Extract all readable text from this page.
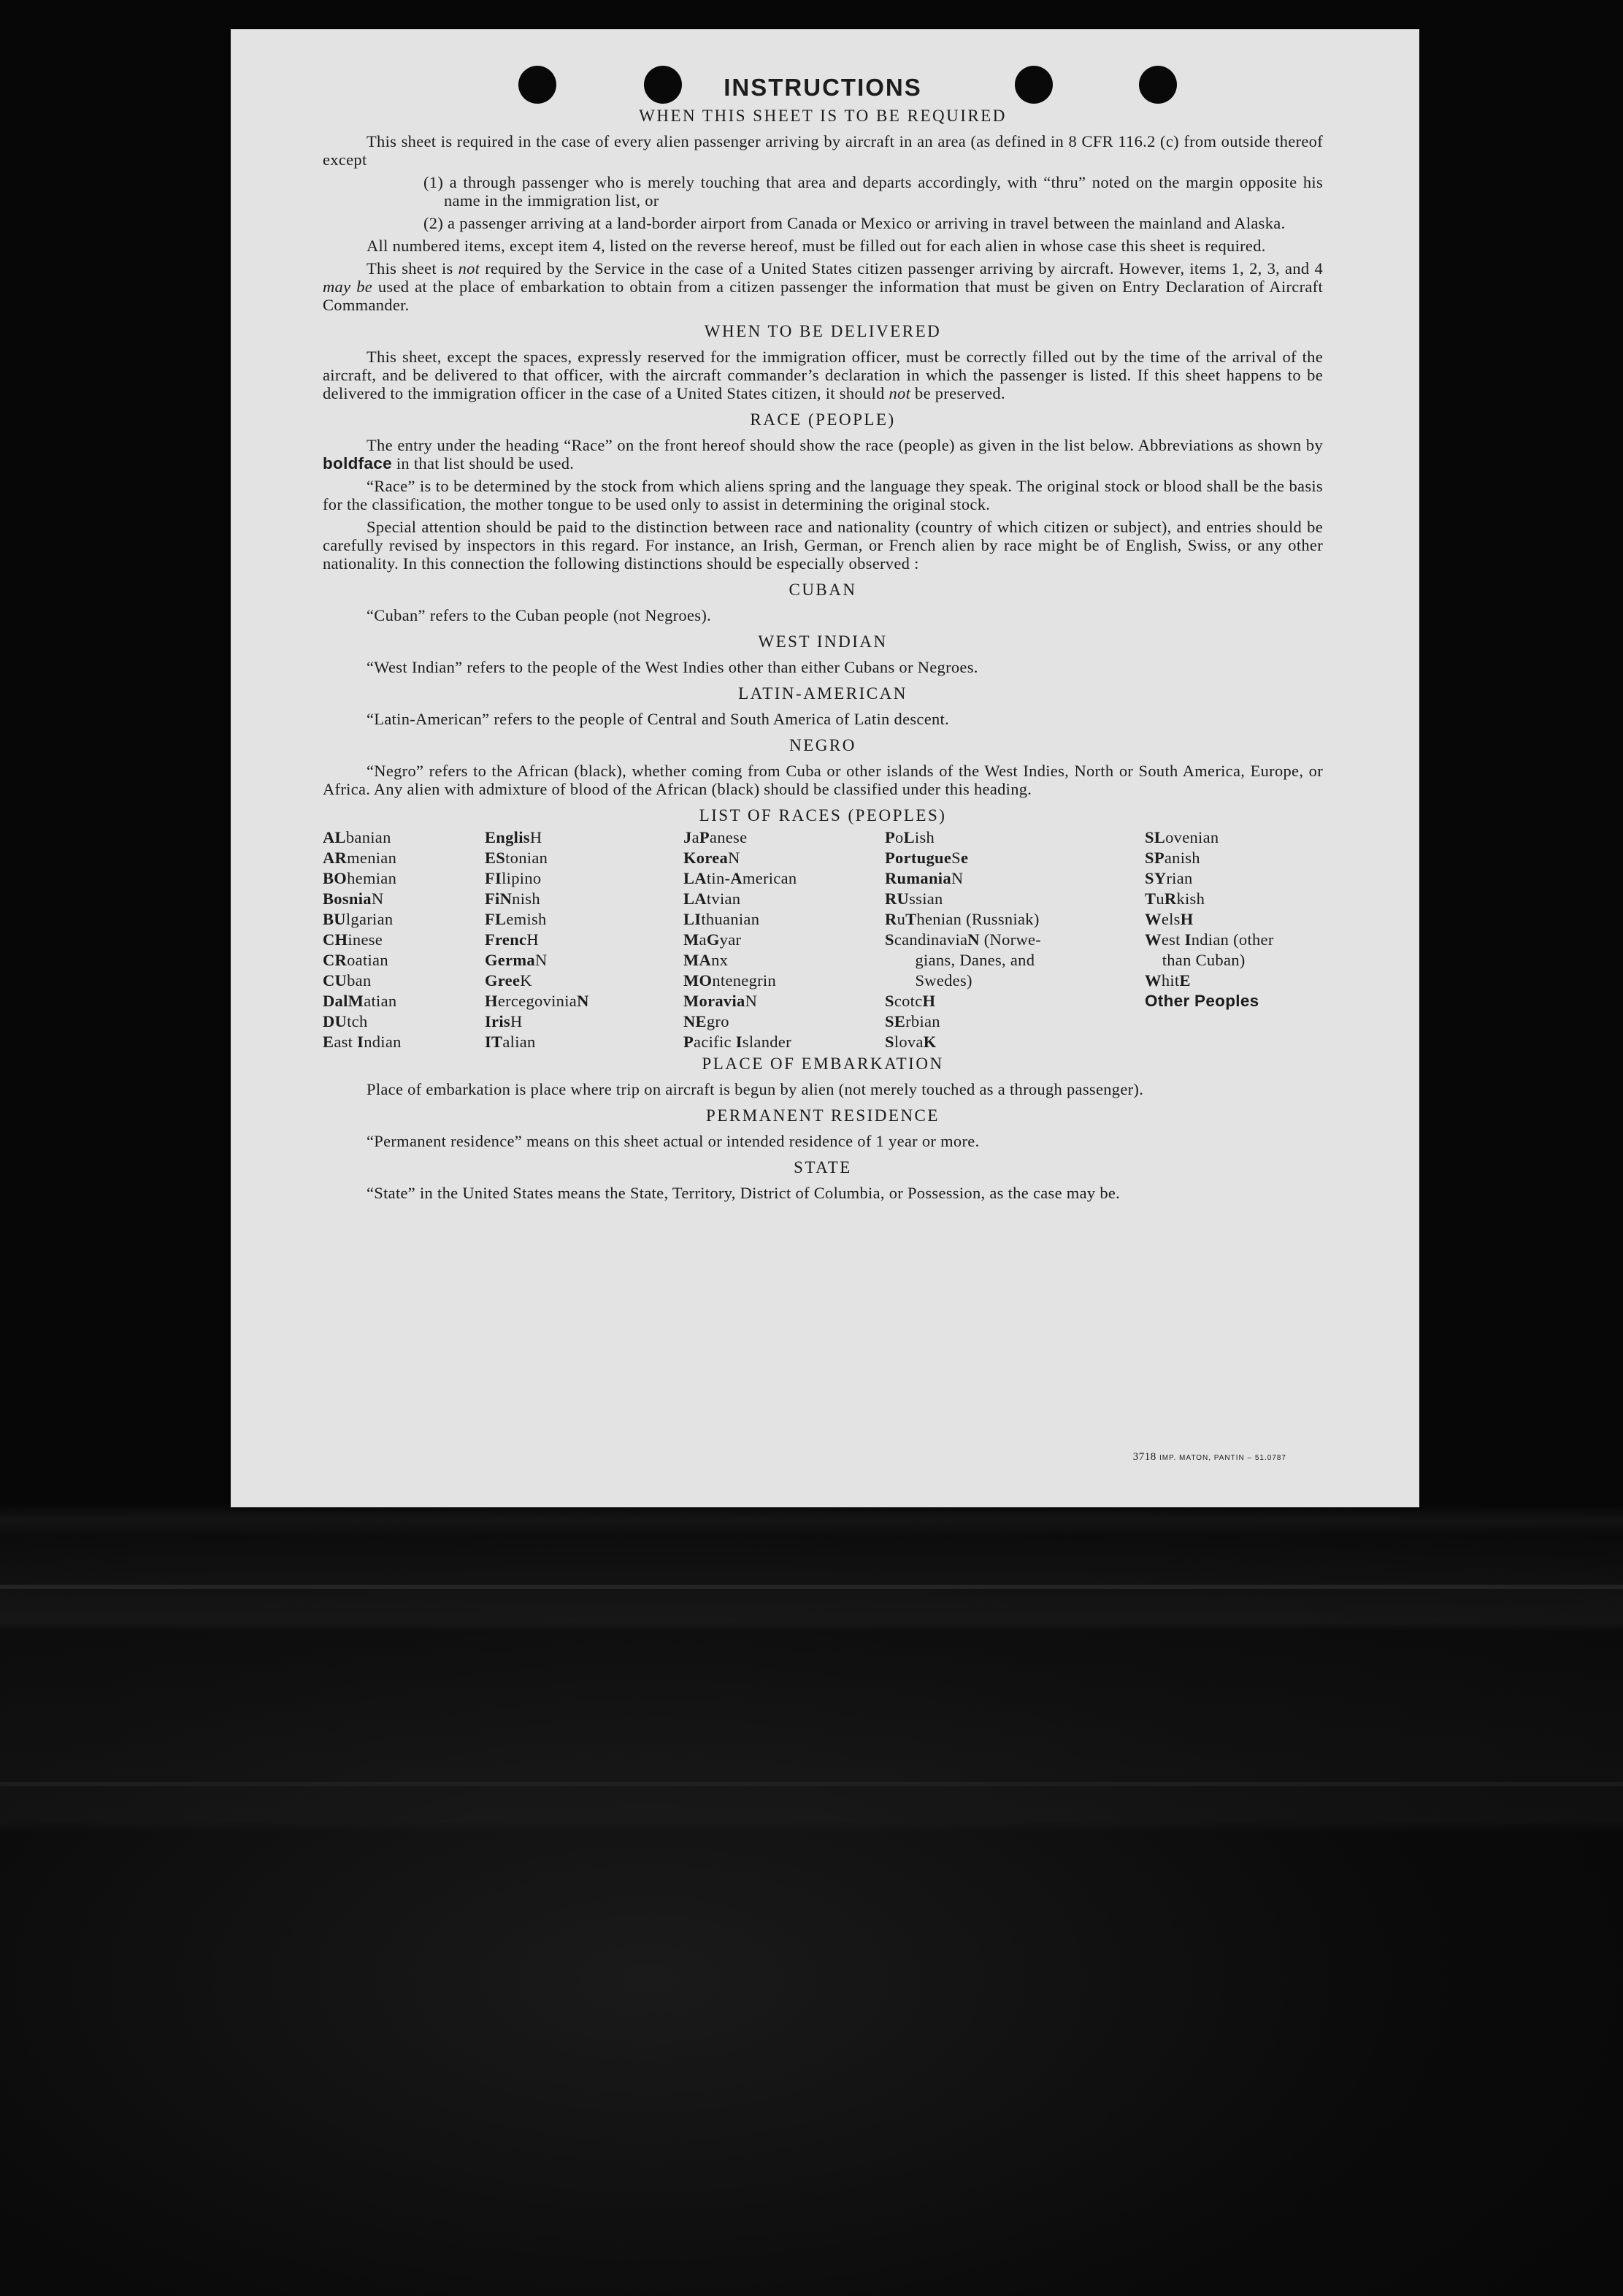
INSTRUCTIONS
WHEN THIS SHEET IS TO BE REQUIRED

This sheet is required in the case of every alien passenger arriving by aircraft in an area (as defined in 8 CFR 116.2 (c) from outside thereof except

(1) a through passenger who is merely touching that area and departs accordingly, with “thru” noted on the margin opposite his name in the immigration list, or

(2) a passenger arriving at a land-border airport from Canada or Mexico or arriving in travel between the mainland and Alaska.

All numbered items, except item 4, listed on the reverse hereof, must be filled out for each alien in whose case this sheet is required.

This sheet is not required by the Service in the case of a United States citizen passenger arriving by aircraft. However, items 1, 2, 3, and 4 may be used at the place of embarkation to obtain from a citizen passenger the information that must be given on Entry Declaration of Aircraft Commander.

WHEN TO BE DELIVERED

This sheet, except the spaces, expressly reserved for the immigration officer, must be correctly filled out by the time of the arrival of the aircraft, and be delivered to that officer, with the aircraft commander’s declaration in which the passenger is listed. If this sheet happens to be delivered to the immigration officer in the case of a United States citizen, it should not be preserved.

RACE (PEOPLE)

The entry under the heading “Race” on the front hereof should show the race (people) as given in the list below. Abbreviations as shown by boldface in that list should be used.

“Race” is to be determined by the stock from which aliens spring and the language they speak. The original stock or blood shall be the basis for the classification, the mother tongue to be used only to assist in determining the original stock.

Special attention should be paid to the distinction between race and nationality (country of which citizen or subject), and entries should be carefully revised by inspectors in this regard. For instance, an Irish, German, or French alien by race might be of English, Swiss, or any other nationality. In this connection the following distinctions should be especially observed :

CUBAN

“Cuban” refers to the Cuban people (not Negroes).

WEST INDIAN

“West Indian” refers to the people of the West Indies other than either Cubans or Negroes.

LATIN-AMERICAN

“Latin-American” refers to the people of Central and South America of Latin descent.

NEGRO

“Negro” refers to the African (black), whether coming from Cuba or other islands of the West Indies, North or South America, Europe, or Africa. Any alien with admixture of blood of the African (black) should be classified under this heading.

LIST OF RACES (PEOPLES)
ALbanian
ARmenian
BOhemian
BosniaN
BUlgarian
CHinese
CRoatian
CUban
DalMatian
DUtch
East Indian
EnglisH
EStonian
FIlipino
FiNnish
FLemish
FrencH
GermaN
GreeK
HercegoviniaN
IrisH
ITalian
JaPanese
KoreaN
LAtin-American
LAtvian
LIthuanian
MaGyar
MAnx
MOntenegrin
MoraviaN
NEgro
Pacific Islander
PoLish
PortugueSe
RumaniaN
RUssian
RuThenian (Russniak)
ScandinaviaN (Norwe-
gians, Danes, and
Swedes)
ScotcH
SErbian
SlovaK
SLovenian
SPanish
SYrian
TuRkish
WelsH
West Indian (other
than Cuban)
WhitE
Other Peoples
PLACE OF EMBARKATION

Place of embarkation is place where trip on aircraft is begun by alien (not merely touched as a through passenger).

PERMANENT RESIDENCE

“Permanent residence” means on this sheet actual or intended residence of 1 year or more.

STATE

“State” in the United States means the State, Territory, District of Columbia, or Possession, as the case may be.

3718 IMP. MATON, PANTIN – 51.0787
